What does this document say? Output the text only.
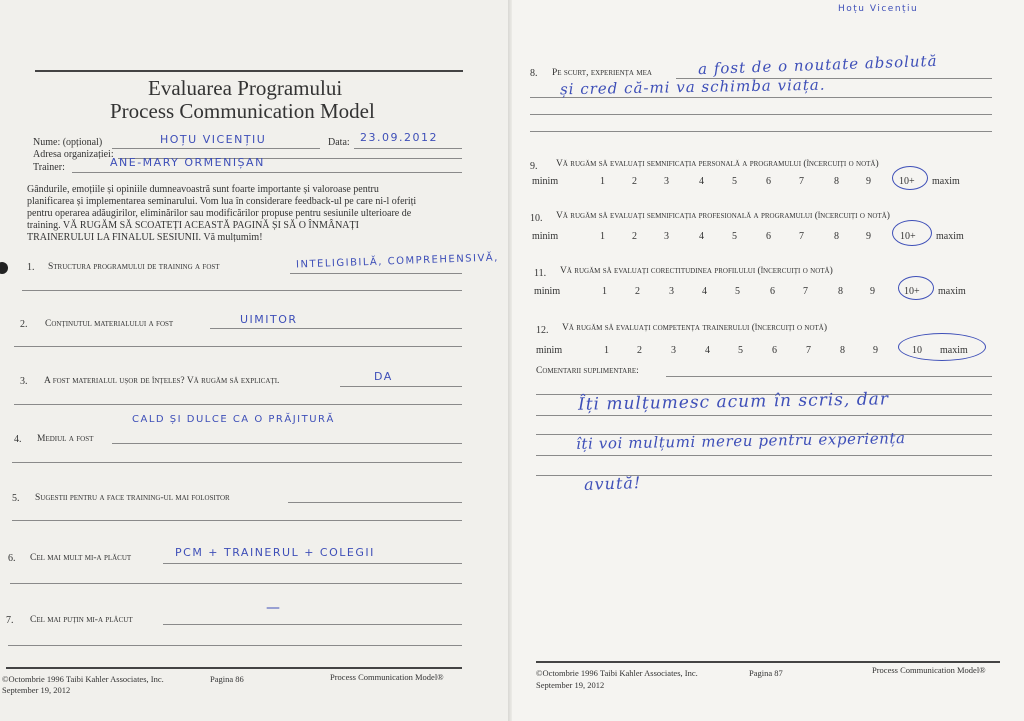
Evaluarea Programului
Process Communication Model
Nume: (opțional)	HOȚU VICENȚIU	Data: 23.09.2012
Adresa organizației:
Trainer:	ANE-MARY ORMENIȘAN
Gândurile, emoțiile și opiniile dumneavoastră sunt foarte importante și valoroase pentru
planificarea și implementarea seminarului. Vom lua în considerare feedback-ul pe care ni-l oferiți
pentru operarea adăugirilor, eliminărilor sau modificărilor propuse pentru sesiunile ulterioare de
training. VĂ RUGĂM SĂ SCOATEȚI ACEASTĂ PAGINĂ ȘI SĂ O ÎNMÂNAȚI
TRAINERULUI LA FINALUL SESIUNII. Vă mulțumim!
1. Structura programului de training a fost	INTELIGIBILĂ, COMPREHENSIVĂ,
2. Conținutul materialului a fost	UIMITOR
3. A fost materialul ușor de înțeles? Vă rugăm să explicați.	DA
CALD ȘI DULCE CA O PRĂJITURĂ
4. Mediul a fost
5. Sugestii pentru a face training-ul mai folositor
6. Cel mai mult mi-a plăcut	PCM + TRAINERUL + COLEGII
7. Cel mai puțin mi-a plăcut
—
©Octombrie 1996 Taibi Kahler Associates, Inc.	Pagina 86	Process Communication Model®
September 19, 2012
Hoțu Vicențiu
8. Pe scurt, experiența mea	a fost de o noutate absolută
și cred că-mi va schimba viața.
9. Vă rugăm să evaluați semnificația personală a programului (încercuiți o notă)
minim	1	2	3	4	5	6	7	8	9	10+ maxim
10. Vă rugăm să evaluați semnificația profesională a programului (încercuiți o notă)
minim	1	2	3	4	5	6	7	8	9	10+ maxim
11. Vă rugăm să evaluați corectitudinea profilului (încercuiți o notă)
minim	1	2	3	4	5	6	7	8	9	10+ maxim
12. Vă rugăm să evaluați competența trainerului (încercuiți o notă)
minim	1	2	3	4	5	6	7	8	9	10 maxim
Comentarii suplimentare:
Îți mulțumesc acum în scris, dar
îți voi mulțumi mereu pentru experiența
avută!
©Octombrie 1996 Taibi Kahler Associates, Inc.	Pagina 87	Process Communication Model®
September 19, 2012
